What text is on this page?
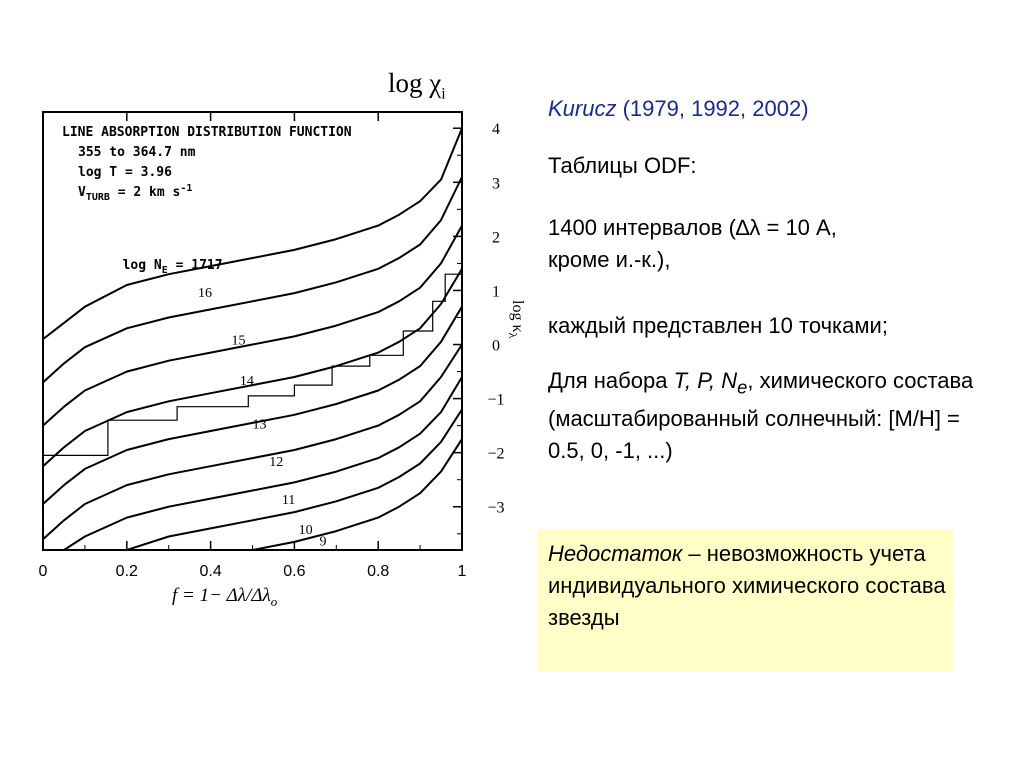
0	0.2	0.4	0.6	0.8	1
4
3
2
1
0
−1
−2
−3
$\log \kappa_\lambda$
$f = 1- \Delta\lambda/\Delta\lambda_o$
LINE ABSORPTION DISTRIBUTION FUNCTION
355 to 364.7 nm
log T = 3.96
$V_{TURB} = 2$ km $s^{-1}$
$\log N_E = 1717$
16
15
14
13
12
11
10
9
$\log \chi_i$
Kurucz (1979, 1992, 2002)
Таблицы ODF:
1400 интервалов (∆λ = 10 А,
кроме и.-к.),
каждый представлен 10 точками;
Для набора T, P, $N_e$, химического состава (масштабированный солнечный: [M/H] = 0.5, 0, -1, ...)
Недостаток – невозможность учета индивидуального химического состава звезды
